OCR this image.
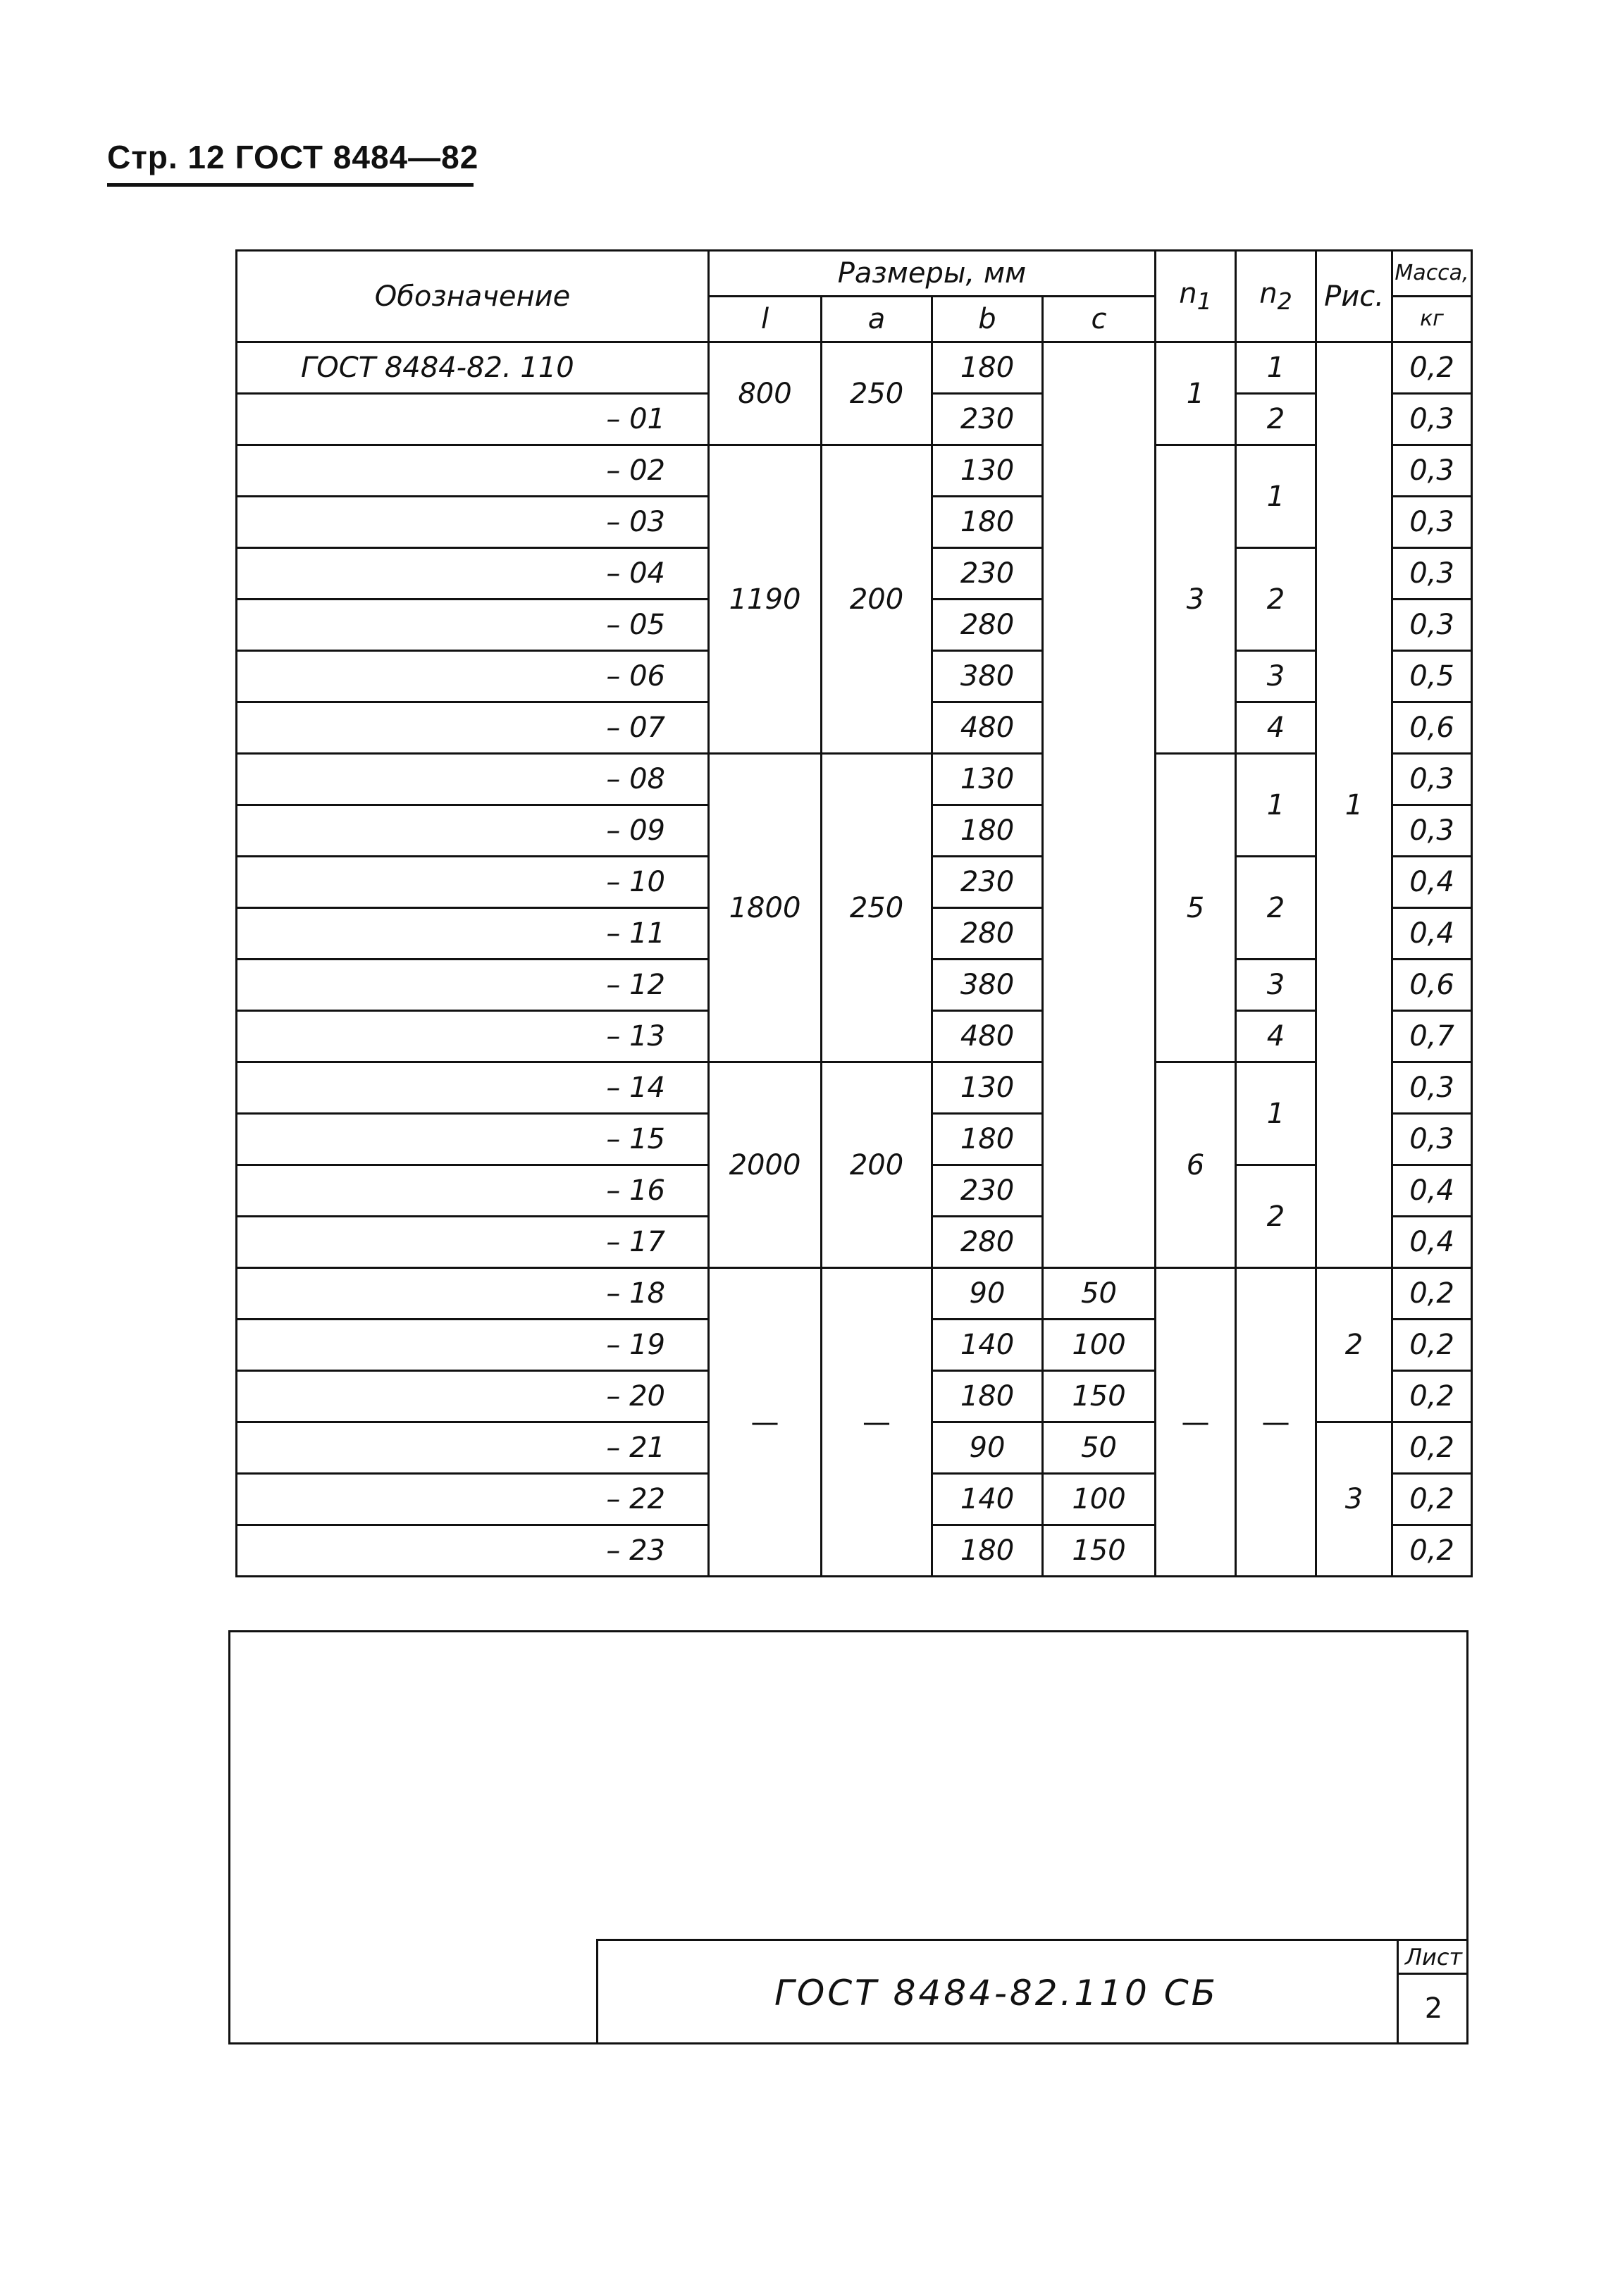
Стр. 12 ГОСТ 8484—82
Обозначение	Размеры, мм				$n_1$	$n_2$	Рис.	Масса,
	l	a	b	c				кг
ГОСТ 8484-82. 110	800	250	180		1	1	1	0,2
– 01			230			2		0,3
– 02	1190	200	130		3	1		0,3
– 03			180					0,3
– 04			230			2		0,3
– 05			280					0,3
– 06			380			3		0,5
– 07			480			4		0,6
– 08	1800	250	130		5	1		0,3
– 09			180					0,3
– 10			230			2		0,4
– 11			280					0,4
– 12			380			3		0,6
– 13			480			4		0,7
– 14	2000	200	130		6	1		0,3
– 15			180					0,3
– 16			230			2		0,4
– 17			280					0,4
– 18	—	—	90	50	—	—	2	0,2
– 19			140	100				0,2
– 20			180	150				0,2
– 21			90	50			3	0,2
– 22			140	100				0,2
– 23			180	150				0,2
ГОСТ 8484-82.110 СБ
Лист
2
